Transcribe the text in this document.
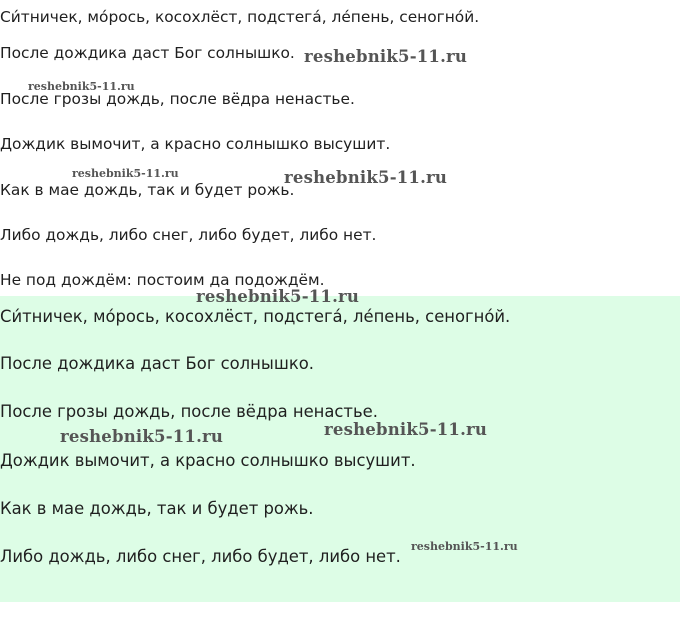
Си́тничек, мо́рось, косохлёст, подстега́, ле́пень, сеногно́й.

После дождика даст Бог солнышко.

После грозы дождь, после вёдра ненастье.

Дождик вымочит, а красно солнышко высушит.

Как в мае дождь, так и будет рожь.

Либо дождь, либо снег, либо будет, либо нет.

Не под дождём: постоим да подождём.

Си́тничек, мо́рось, косохлёст, подстега́, ле́пень, сеногно́й.

После дождика даст Бог солнышко.

После грозы дождь, после вёдра ненастье.

Дождик вымочит, а красно солнышко высушит.

Как в мае дождь, так и будет рожь.

Либо дождь, либо снег, либо будет, либо нет.

reshebnik5-11.ru
reshebnik5-11.ru
reshebnik5-11.ru	reshebnik5-11.ru
reshebnik5-11.ru
reshebnik5-11.ru	reshebnik5-11.ru
reshebnik5-11.ru
